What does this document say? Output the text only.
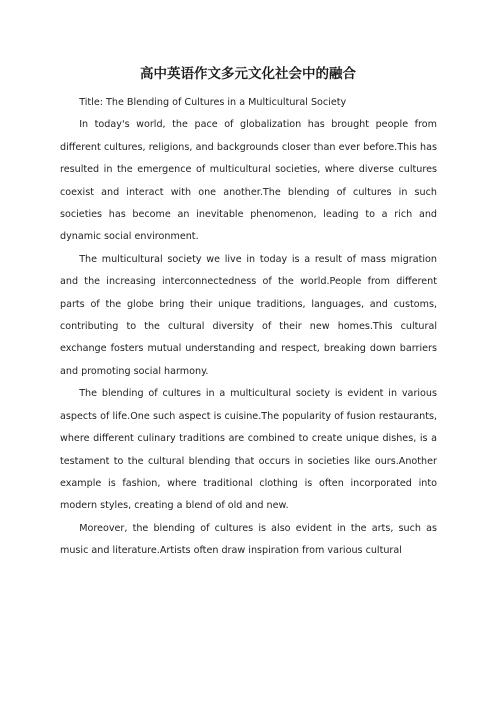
高中英语作文多元文化社会中的融合

Title: The Blending of Cultures in a Multicultural Society

In today's world, the pace of globalization has brought people from different cultures, religions, and backgrounds closer than ever before.This has resulted in the emergence of multicultural societies, where diverse cultures coexist and interact with one another.The blending of cultures in such societies has become an inevitable phenomenon, leading to a rich and dynamic social environment.

The multicultural society we live in today is a result of mass migration and the increasing interconnectedness of the world.People from different parts of the globe bring their unique traditions, languages, and customs, contributing to the cultural diversity of their new homes.This cultural exchange fosters mutual understanding and respect, breaking down barriers and promoting social harmony.

The blending of cultures in a multicultural society is evident in various aspects of life.One such aspect is cuisine.The popularity of fusion restaurants, where different culinary traditions are combined to create unique dishes, is a testament to the cultural blending that occurs in societies like ours.Another example is fashion, where traditional clothing is often incorporated into modern styles, creating a blend of old and new.

Moreover, the blending of cultures is also evident in the arts, such as music and literature.Artists often draw inspiration from various cultural
